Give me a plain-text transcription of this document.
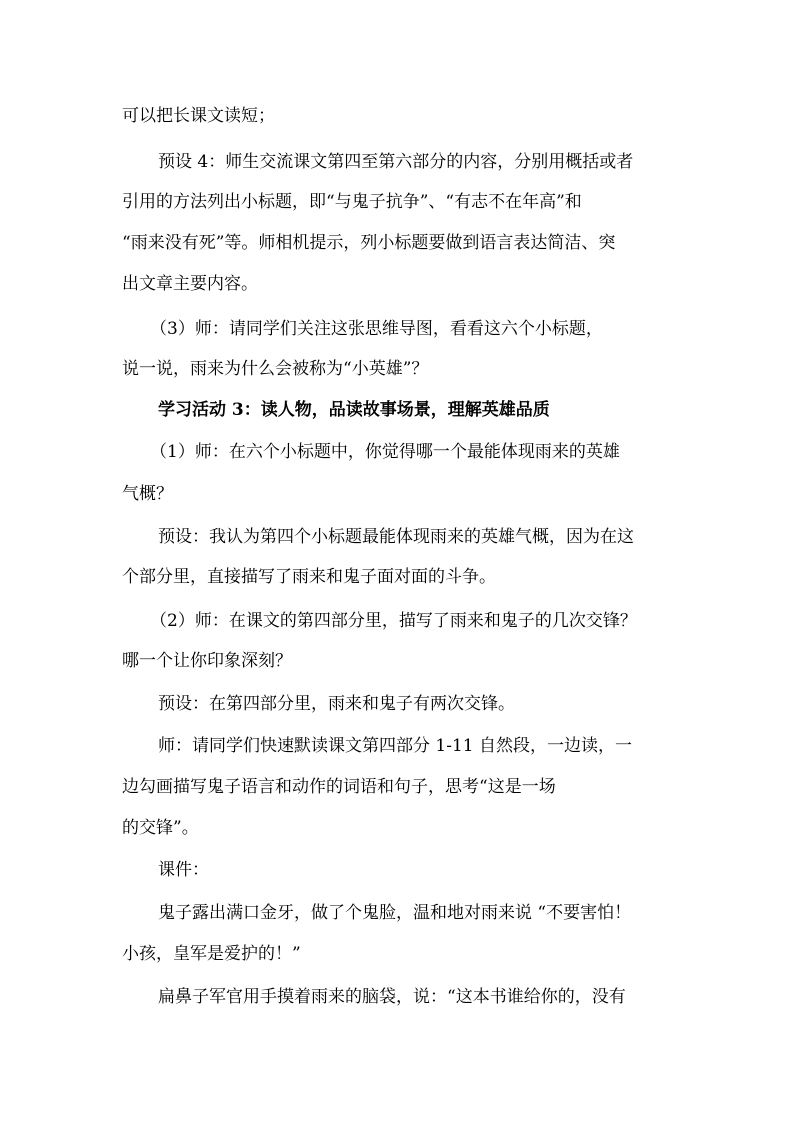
可以把长课文读短；
预设 4：师生交流课文第四至第六部分的内容，分别用概括或者
引用的方法列出小标题，即“与鬼子抗争”、“有志不在年高”和
“雨来没有死”等。师相机提示，列小标题要做到语言表达简洁、突
出文章主要内容。
（3）师：请同学们关注这张思维导图，看看这六个小标题，
说一说，雨来为什么会被称为“小英雄”？
学习活动 3：读人物，品读故事场景，理解英雄品质
（1）师：在六个小标题中，你觉得哪一个最能体现雨来的英雄
气概？
预设：我认为第四个小标题最能体现雨来的英雄气概，因为在这
个部分里，直接描写了雨来和鬼子面对面的斗争。
（2）师：在课文的第四部分里，描写了雨来和鬼子的几次交锋？
哪一个让你印象深刻？
预设：在第四部分里，雨来和鬼子有两次交锋。
师：请同学们快速默读课文第四部分 1-11 自然段，一边读，一
边勾画描写鬼子语言和动作的词语和句子，思考“这是一场
的交锋”。
课件：
鬼子露出满口金牙，做了个鬼脸，温和地对雨来说 “不要害怕！
小孩，皇军是爱护的！”
扁鼻子军官用手摸着雨来的脑袋，说：“这本书谁给你的，没有
